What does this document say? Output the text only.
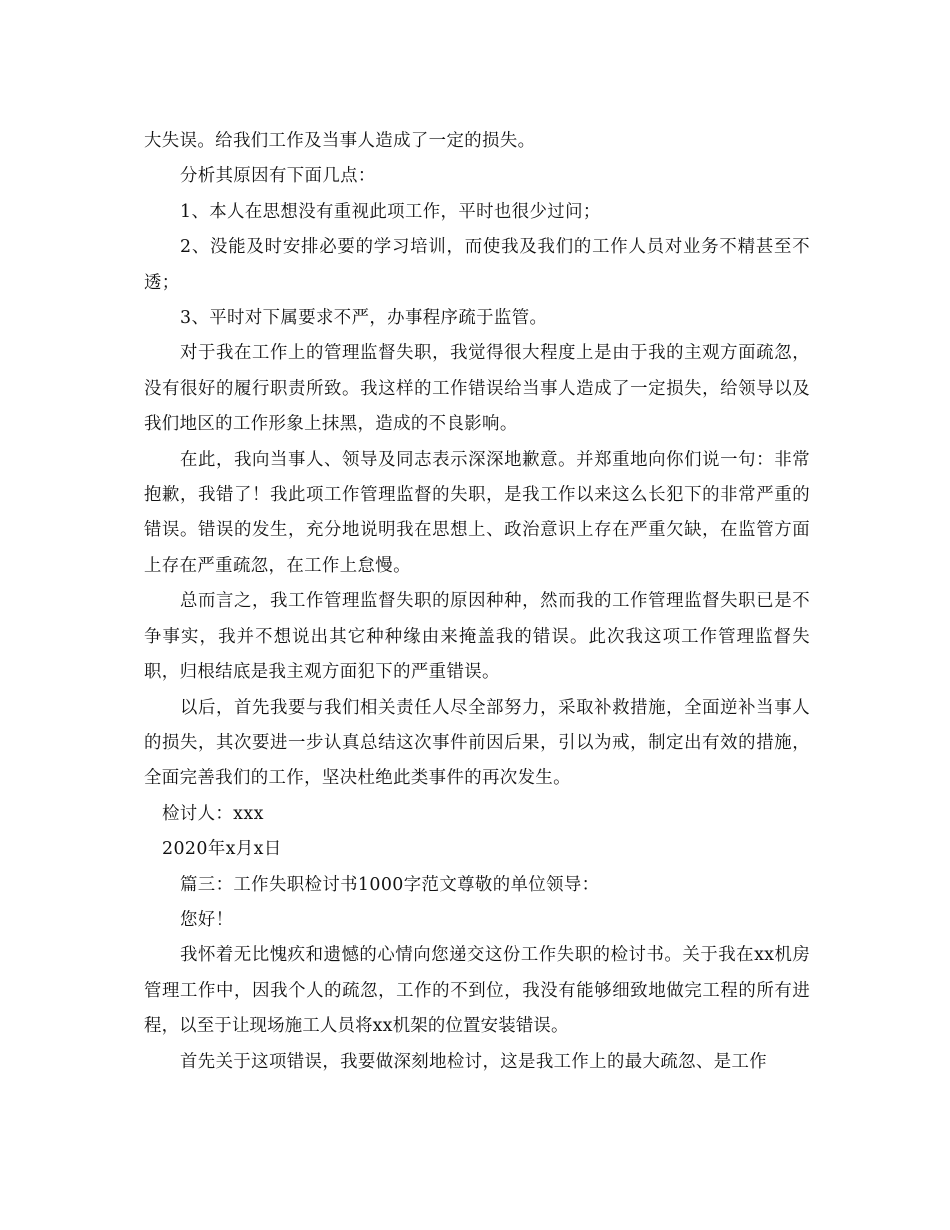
大失误。给我们工作及当事人造成了一定的损失。

分析其原因有下面几点：

1、本人在思想没有重视此项工作，平时也很少过问；

2、没能及时安排必要的学习培训，而使我及我们的工作人员对业务不精甚至不透；

3、平时对下属要求不严，办事程序疏于监管。

对于我在工作上的管理监督失职，我觉得很大程度上是由于我的主观方面疏忽，没有很好的履行职责所致。我这样的工作错误给当事人造成了一定损失，给领导以及我们地区的工作形象上抹黑，造成的不良影响。

在此，我向当事人、领导及同志表示深深地歉意。并郑重地向你们说一句：非常抱歉，我错了！我此项工作管理监督的失职，是我工作以来这么长犯下的非常严重的错误。错误的发生，充分地说明我在思想上、政治意识上存在严重欠缺，在监管方面上存在严重疏忽，在工作上怠慢。

总而言之，我工作管理监督失职的原因种种，然而我的工作管理监督失职已是不争事实，我并不想说出其它种种缘由来掩盖我的错误。此次我这项工作管理监督失职，归根结底是我主观方面犯下的严重错误。

以后，首先我要与我们相关责任人尽全部努力，采取补救措施，全面逆补当事人的损失，其次要进一步认真总结这次事件前因后果，引以为戒，制定出有效的措施，全面完善我们的工作，坚决杜绝此类事件的再次发生。

检讨人：xxx

2020年x月x日

篇三：工作失职检讨书1000字范文尊敬的单位领导：

您好！

我怀着无比愧疚和遗憾的心情向您递交这份工作失职的检讨书。关于我在xx机房管理工作中，因我个人的疏忽，工作的不到位，我没有能够细致地做完工程的所有进程，以至于让现场施工人员将xx机架的位置安装错误。

首先关于这项错误，我要做深刻地检讨，这是我工作上的最大疏忽、是工作
